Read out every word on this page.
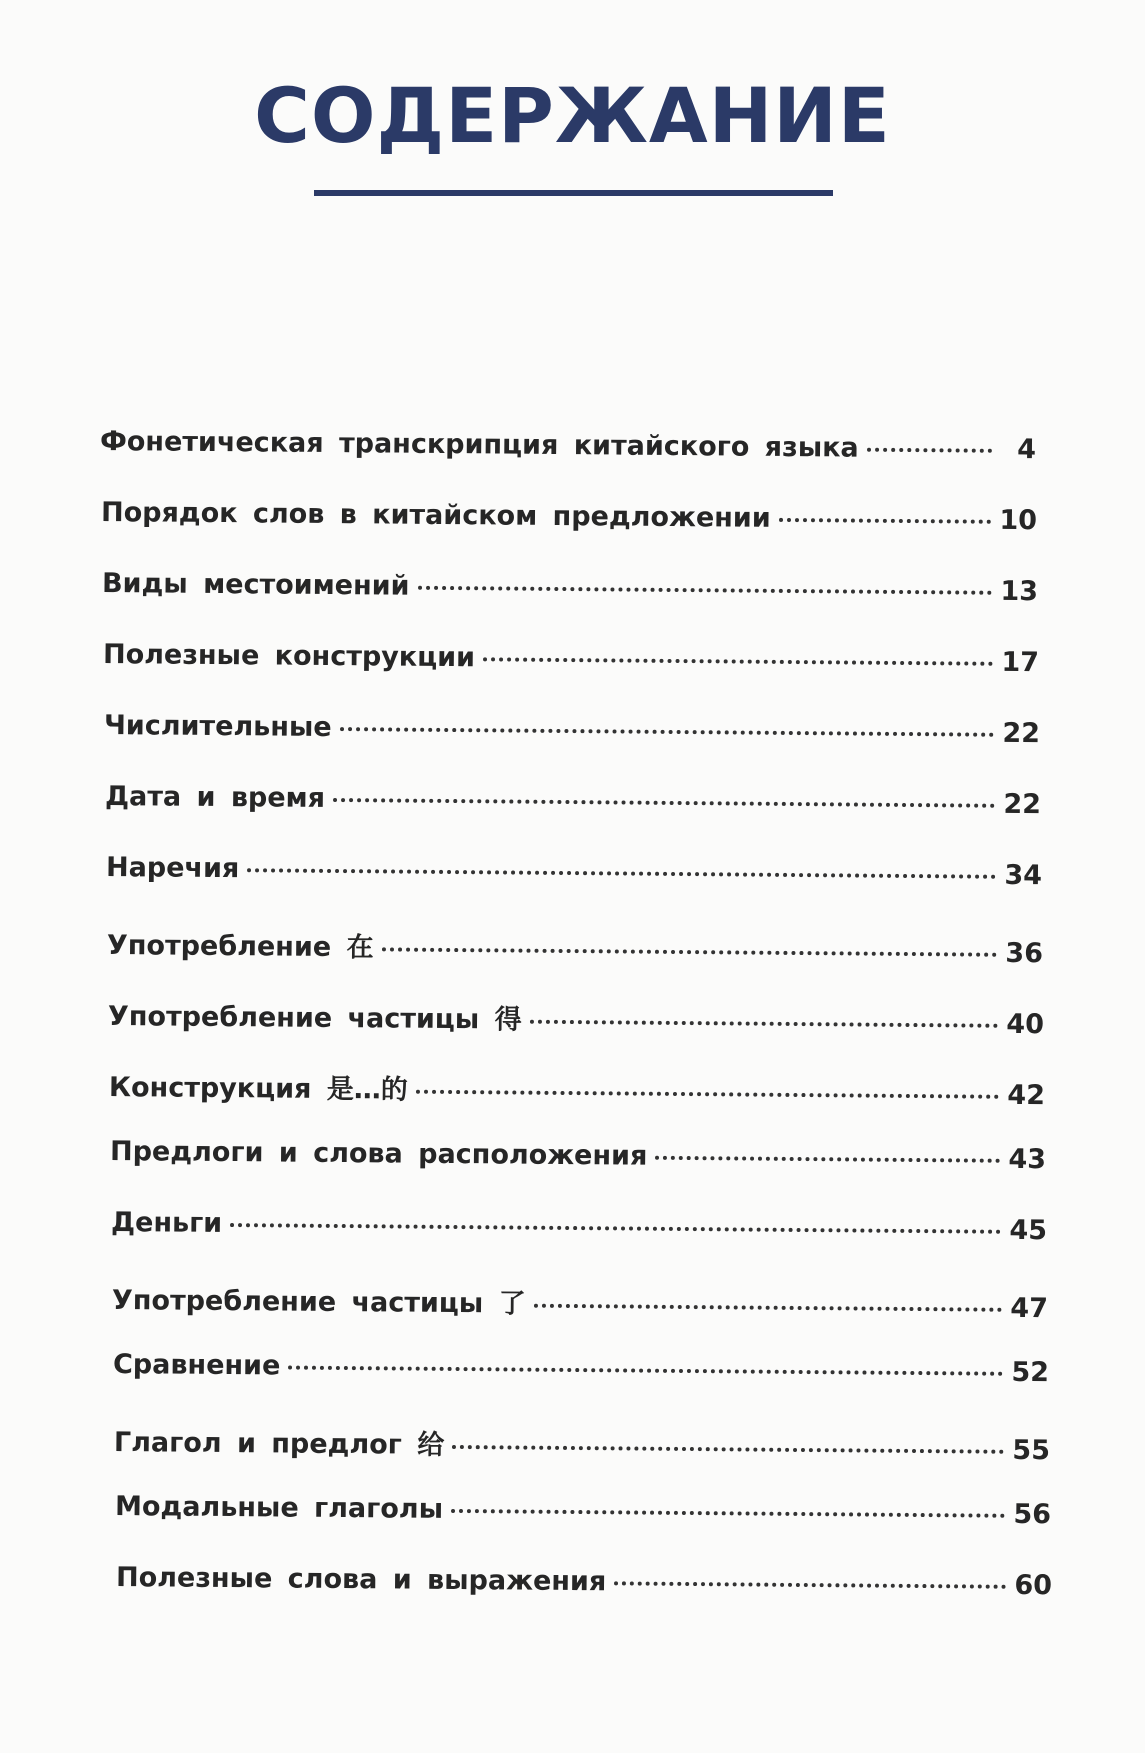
СОДЕРЖАНИЕ
Фонетическая транскрипция китайского языка	4
Порядок слов в китайском предложении	10
Виды местоимений	13
Полезные конструкции	17
Числительные	22
Дата и время	22
Наречия	34
Употребление 在	36
Употребление частицы 得	40
Конструкция 是…的	42
Предлоги и слова расположения	43
Деньги	45
Употребление частицы 了	47
Сравнение	52
Глагол и предлог 给	55
Модальные глаголы	56
Полезные слова и выражения	60
